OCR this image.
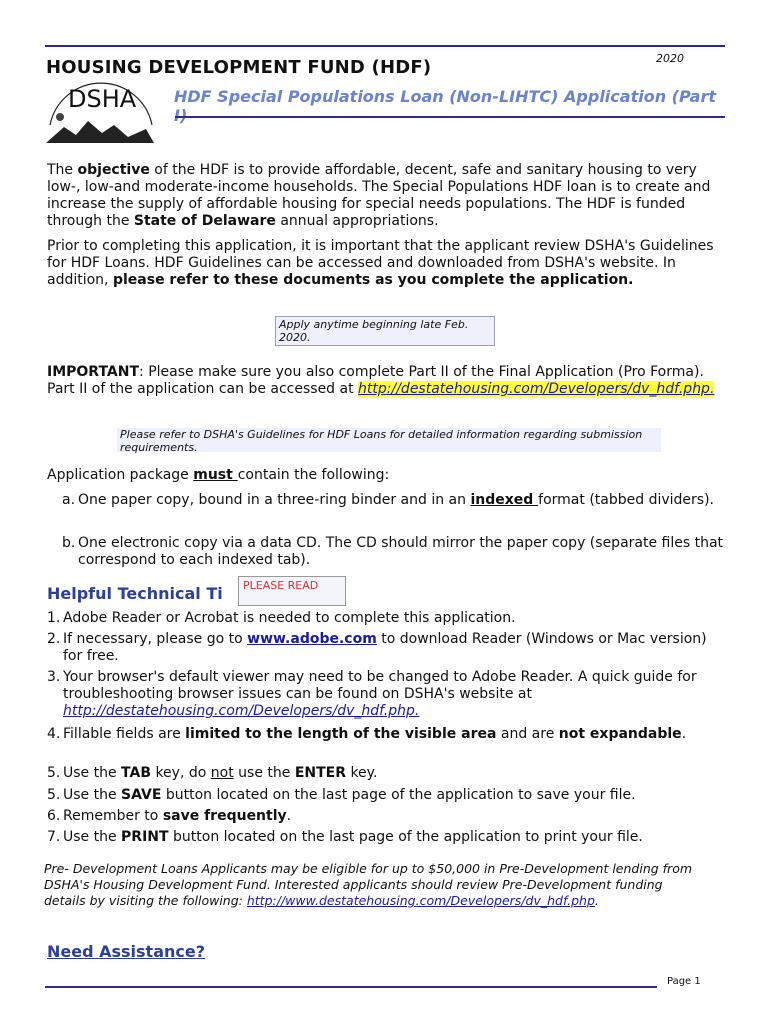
2020
DSHA
HOUSING DEVELOPMENT FUND (HDF)
HDF Special Populations Loan (Non-LIHTC) Application (Part
The objective of the HDF is to provide affordable, decent, safe and sanitary housing to very low-, low-and moderate-income households. The Special Populations HDF loan is to create and increase the supply of affordable housing for special needs populations. The HDF is funded through the State of Delaware annual appropriations.
Prior to completing this application, it is important that the applicant review DSHA's Guidelines for HDF Loans. HDF Guidelines can be accessed and downloaded from DSHA's website. In addition, please refer to these documents as you complete the application.
Apply anytime beginning late Feb. 2020.
IMPORTANT: Please make sure you also complete Part II of the Final Application (Pro Forma). Part II of the application can be accessed at http://destatehousing.com/Developers/dv_hdf.php.
Please refer to DSHA's Guidelines for HDF Loans for detailed information regarding submission requirements.
Application package must contain the following:
a. One paper copy, bound in a three-ring binder and in an indexed format (tabbed dividers).
b. One electronic copy via a data CD. The CD should mirror the paper copy (separate files that correspond to each indexed tab).
Helpful Technical Ti	PLEASE READ
1. Adobe Reader or Acrobat is needed to complete this application.
2. If necessary, please go to www.adobe.com to download Reader (Windows or Mac version) for free.
3. Your browser's default viewer may need to be changed to Adobe Reader. A quick guide for troubleshooting browser issues can be found on DSHA's website at http://destatehousing.com/Developers/dv_hdf.php.
4. Fillable fields are limited to the length of the visible area and are not expandable.
5. Use the TAB key, do not use the ENTER key.
5. Use the SAVE button located on the last page of the application to save your file.
6. Remember to save frequently.
7. Use the PRINT button located on the last page of the application to print your file.
Pre- Development Loans Applicants may be eligible for up to $50,000 in Pre-Development lending from DSHA's Housing Development Fund. Interested applicants should review Pre-Development funding details by visiting the following: http://www.destatehousing.com/Developers/dv_hdf.php.
Need Assistance?
Page 1
